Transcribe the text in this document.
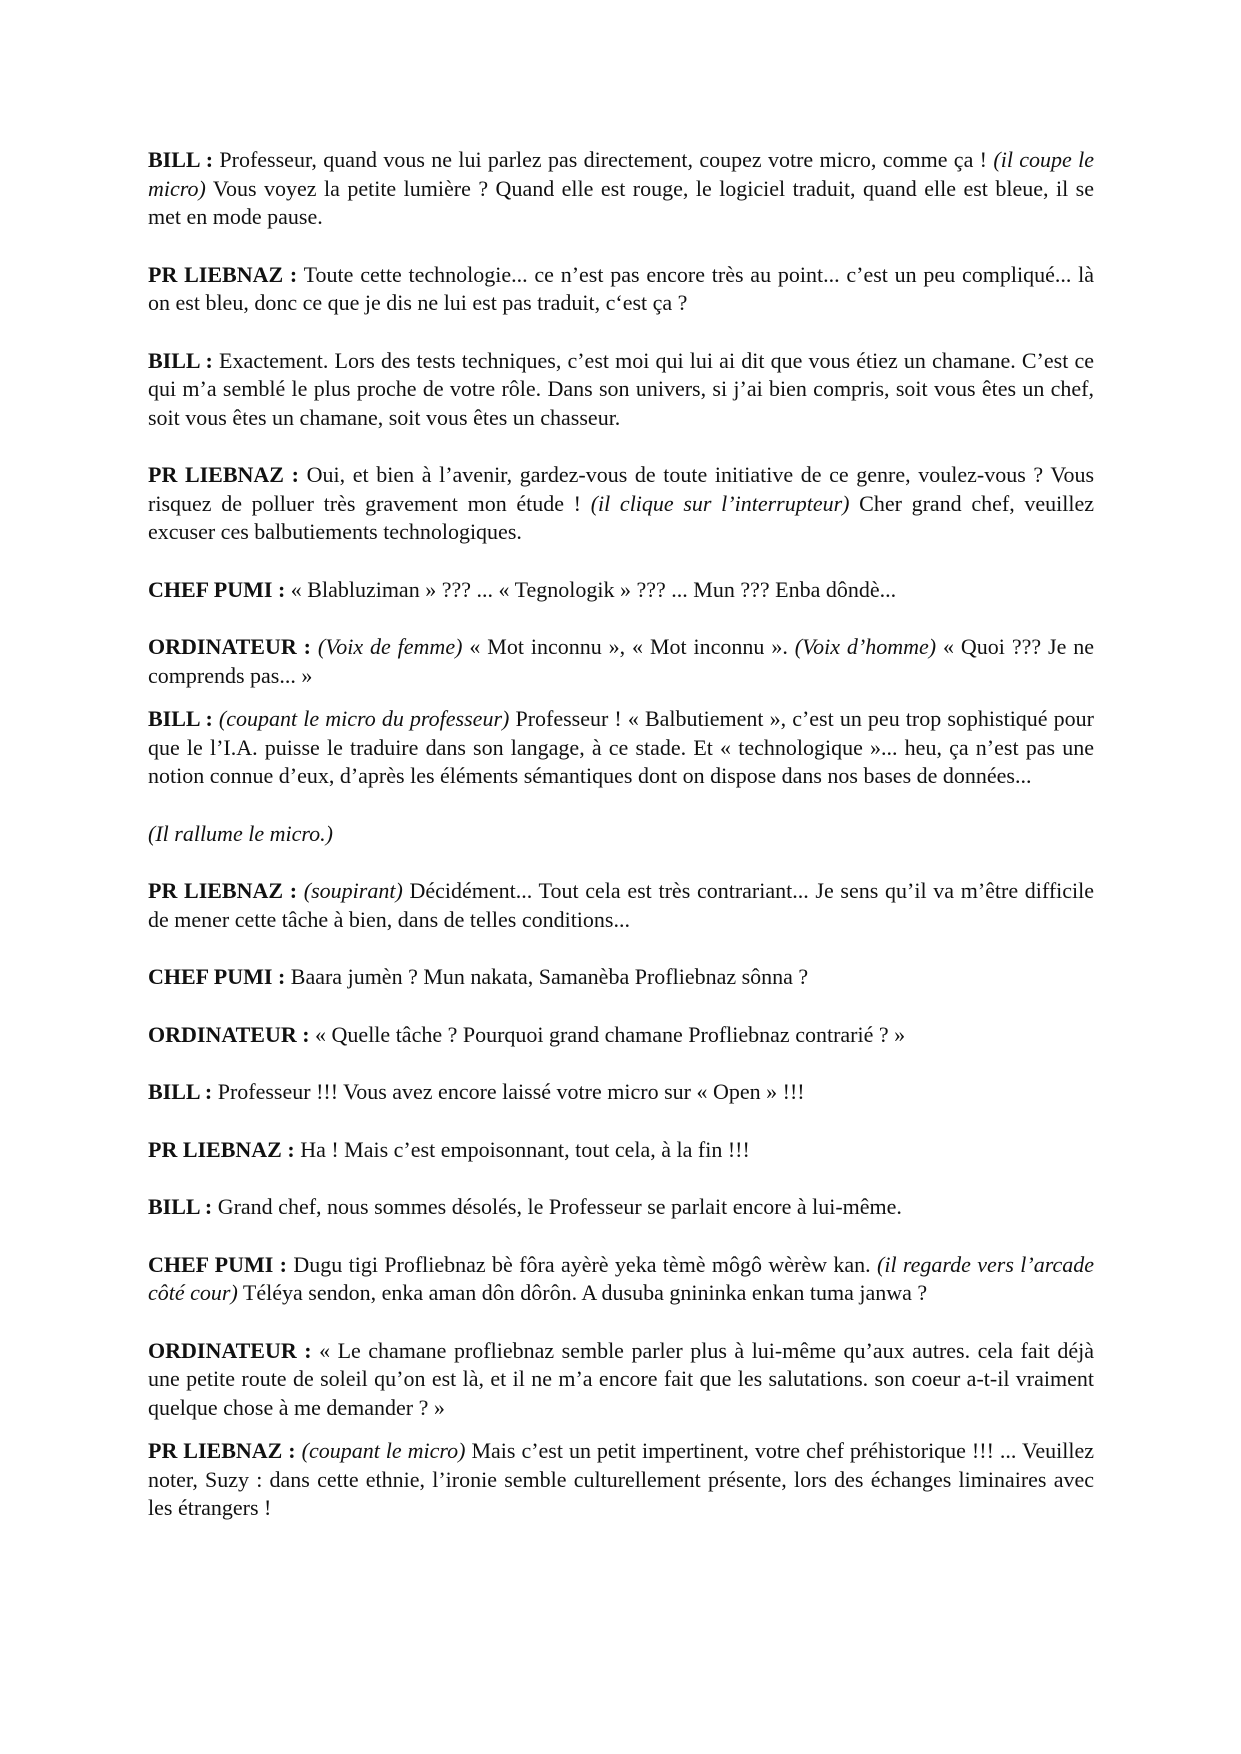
BILL : Professeur, quand vous ne lui parlez pas directement, coupez votre micro, comme ça ! (il coupe le micro) Vous voyez la petite lumière ? Quand elle est rouge, le logiciel traduit, quand elle est bleue, il se met en mode pause.

PR LIEBNAZ : Toute cette technologie... ce n’est pas encore très au point... c’est un peu compliqué... là on est bleu, donc ce que je dis ne lui est pas traduit, c‘est ça ?

BILL : Exactement. Lors des tests techniques, c’est moi qui lui ai dit que vous étiez un chamane. C’est ce qui m’a semblé le plus proche de votre rôle. Dans son univers, si j’ai bien compris, soit vous êtes un chef, soit vous êtes un chamane, soit vous êtes un chasseur.

PR LIEBNAZ : Oui, et bien à l’avenir, gardez-vous de toute initiative de ce genre, voulez-vous ? Vous risquez de polluer très gravement mon étude ! (il clique sur l’interrupteur) Cher grand chef, veuillez excuser ces balbutiements technologiques.

CHEF PUMI : « Blabluziman » ??? ... « Tegnologik » ??? ... Mun ??? Enba dôndè...

ORDINATEUR : (Voix de femme) « Mot inconnu », « Mot inconnu ». (Voix d’homme) « Quoi ??? Je ne comprends pas... »

BILL : (coupant le micro du professeur) Professeur ! « Balbutiement », c’est un peu trop sophistiqué pour que le l’I.A. puisse le traduire dans son langage, à ce stade. Et « technologique »... heu, ça n’est pas une notion connue d’eux, d’après les éléments sémantiques dont on dispose dans nos bases de données...

(Il rallume le micro.)

PR LIEBNAZ : (soupirant) Décidément... Tout cela est très contrariant... Je sens qu’il va m’être difficile de mener cette tâche à bien, dans de telles conditions...

CHEF PUMI : Baara jumèn ? Mun nakata, Samanèba Profliebnaz sônna ?

ORDINATEUR : « Quelle tâche ? Pourquoi grand chamane Profliebnaz contrarié ? »

BILL : Professeur !!! Vous avez encore laissé votre micro sur « Open » !!!

PR LIEBNAZ : Ha ! Mais c’est empoisonnant, tout cela, à la fin !!!

BILL : Grand chef, nous sommes désolés, le Professeur se parlait encore à lui-même.

CHEF PUMI : Dugu tigi Profliebnaz bè fôra ayèrè yeka tèmè môgô wèrèw kan. (il regarde vers l’arcade côté cour) Téléya sendon, enka aman dôn dôrôn. A dusuba gnininka enkan tuma janwa ?

ORDINATEUR : « Le chamane profliebnaz semble parler plus à lui-même qu’aux autres. cela fait déjà une petite route de soleil qu’on est là, et il ne m’a encore fait que les salutations. son coeur a-t-il vraiment quelque chose à me demander ? »

PR LIEBNAZ : (coupant le micro) Mais c’est un petit impertinent, votre chef préhistorique !!! ... Veuillez noter, Suzy : dans cette ethnie, l’ironie semble culturellement présente, lors des échanges liminaires avec les étrangers !
